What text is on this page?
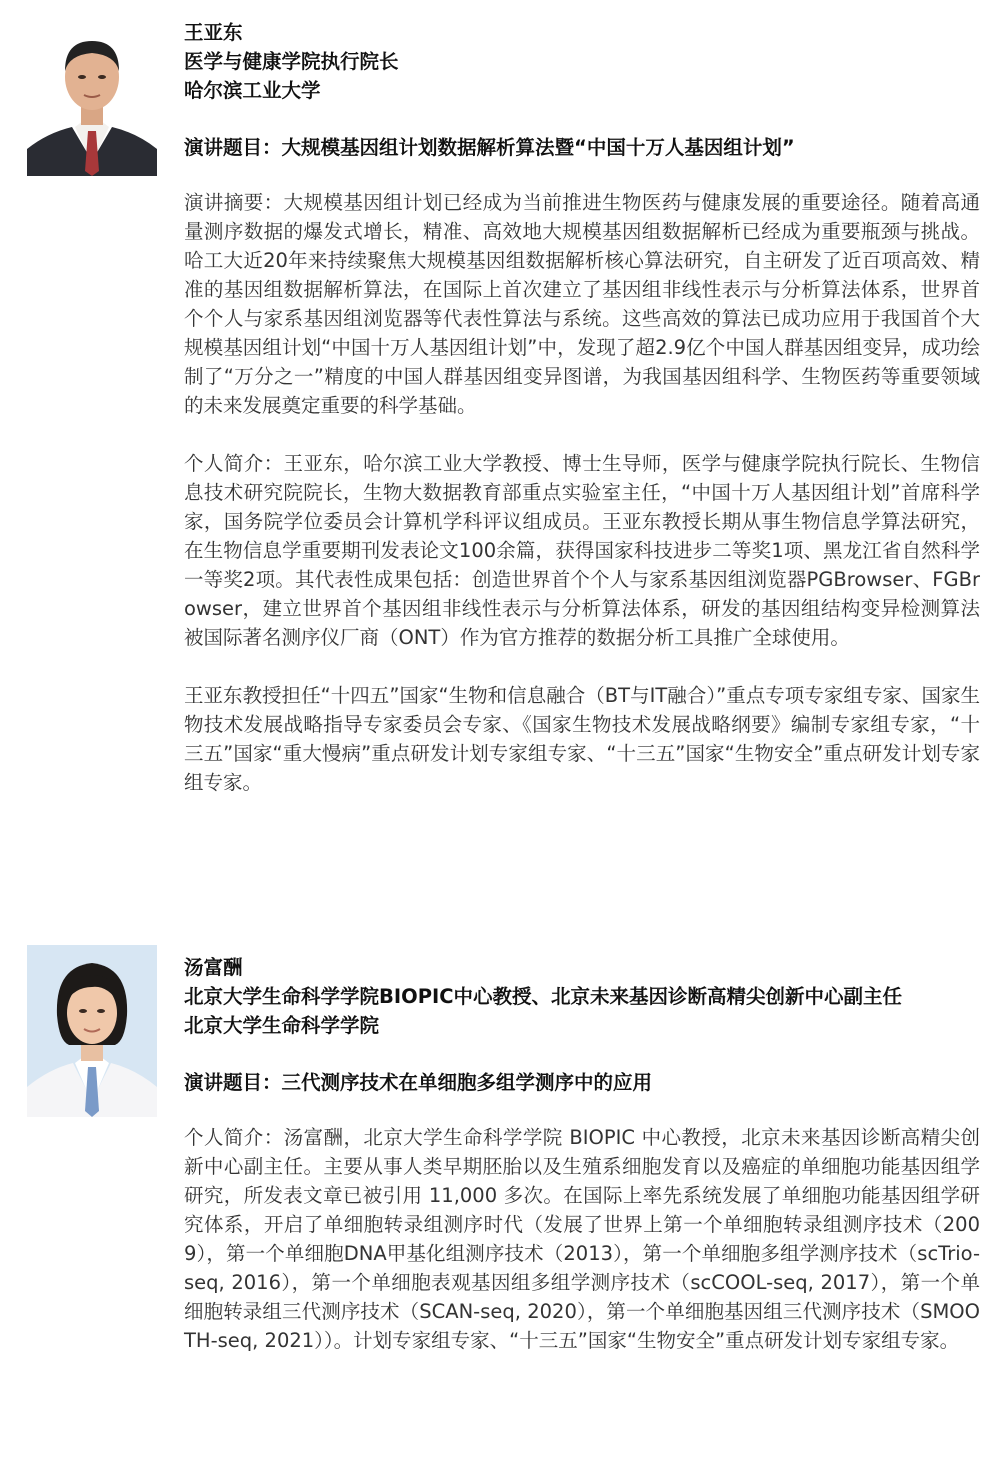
王亚东

医学与健康学院执行院长

哈尔滨工业大学

演讲题目：大规模基因组计划数据解析算法暨“中国十万人基因组计划”

演讲摘要：大规模基因组计划已经成为当前推进生物医药与健康发展的重要途径。随着高通量测序数据的爆发式增长，精准、高效地大规模基因组数据解析已经成为重要瓶颈与挑战。哈工大近20年来持续聚焦大规模基因组数据解析核心算法研究，自主研发了近百项高效、精准的基因组数据解析算法，在国际上首次建立了基因组非线性表示与分析算法体系，世界首个个人与家系基因组浏览器等代表性算法与系统。这些高效的算法已成功应用于我国首个大规模基因组计划“中国十万人基因组计划”中，发现了超2.9亿个中国人群基因组变异，成功绘制了“万分之一”精度的中国人群基因组变异图谱，为我国基因组科学、生物医药等重要领域的未来发展奠定重要的科学基础。

个人简介：王亚东，哈尔滨工业大学教授、博士生导师，医学与健康学院执行院长、生物信息技术研究院院长，生物大数据教育部重点实验室主任，“中国十万人基因组计划”首席科学家，国务院学位委员会计算机学科评议组成员。王亚东教授长期从事生物信息学算法研究，在生物信息学重要期刊发表论文100余篇，获得国家科技进步二等奖1项、黑龙江省自然科学一等奖2项。其代表性成果包括：创造世界首个个人与家系基因组浏览器PGBrowser、FGBrowser，建立世界首个基因组非线性表示与分析算法体系，研发的基因组结构变异检测算法被国际著名测序仪厂商（ONT）作为官方推荐的数据分析工具推广全球使用。

王亚东教授担任“十四五”国家“生物和信息融合（BT与IT融合）”重点专项专家组专家、国家生物技术发展战略指导专家委员会专家、《国家生物技术发展战略纲要》编制专家组专家，“十三五”国家“重大慢病”重点研发计划专家组专家、“十三五”国家“生物安全”重点研发计划专家组专家。

汤富酬

北京大学生命科学学院BIOPIC中心教授、北京未来基因诊断高精尖创新中心副主任

北京大学生命科学学院

演讲题目：三代测序技术在单细胞多组学测序中的应用

个人简介：汤富酬，北京大学生命科学学院 BIOPIC 中心教授，北京未来基因诊断高精尖创新中心副主任。主要从事人类早期胚胎以及生殖系细胞发育以及癌症的单细胞功能基因组学研究，所发表文章已被引用 11,000 多次。在国际上率先系统发展了单细胞功能基因组学研究体系，开启了单细胞转录组测序时代（发展了世界上第一个单细胞转录组测序技术（2009），第一个单细胞DNA甲基化组测序技术（2013），第一个单细胞多组学测序技术（scTrio-seq, 2016），第一个单细胞表观基因组多组学测序技术（scCOOL-seq, 2017），第一个单细胞转录组三代测序技术（SCAN-seq, 2020），第一个单细胞基因组三代测序技术（SMOOTH-seq, 2021））。计划专家组专家、“十三五”国家“生物安全”重点研发计划专家组专家。
